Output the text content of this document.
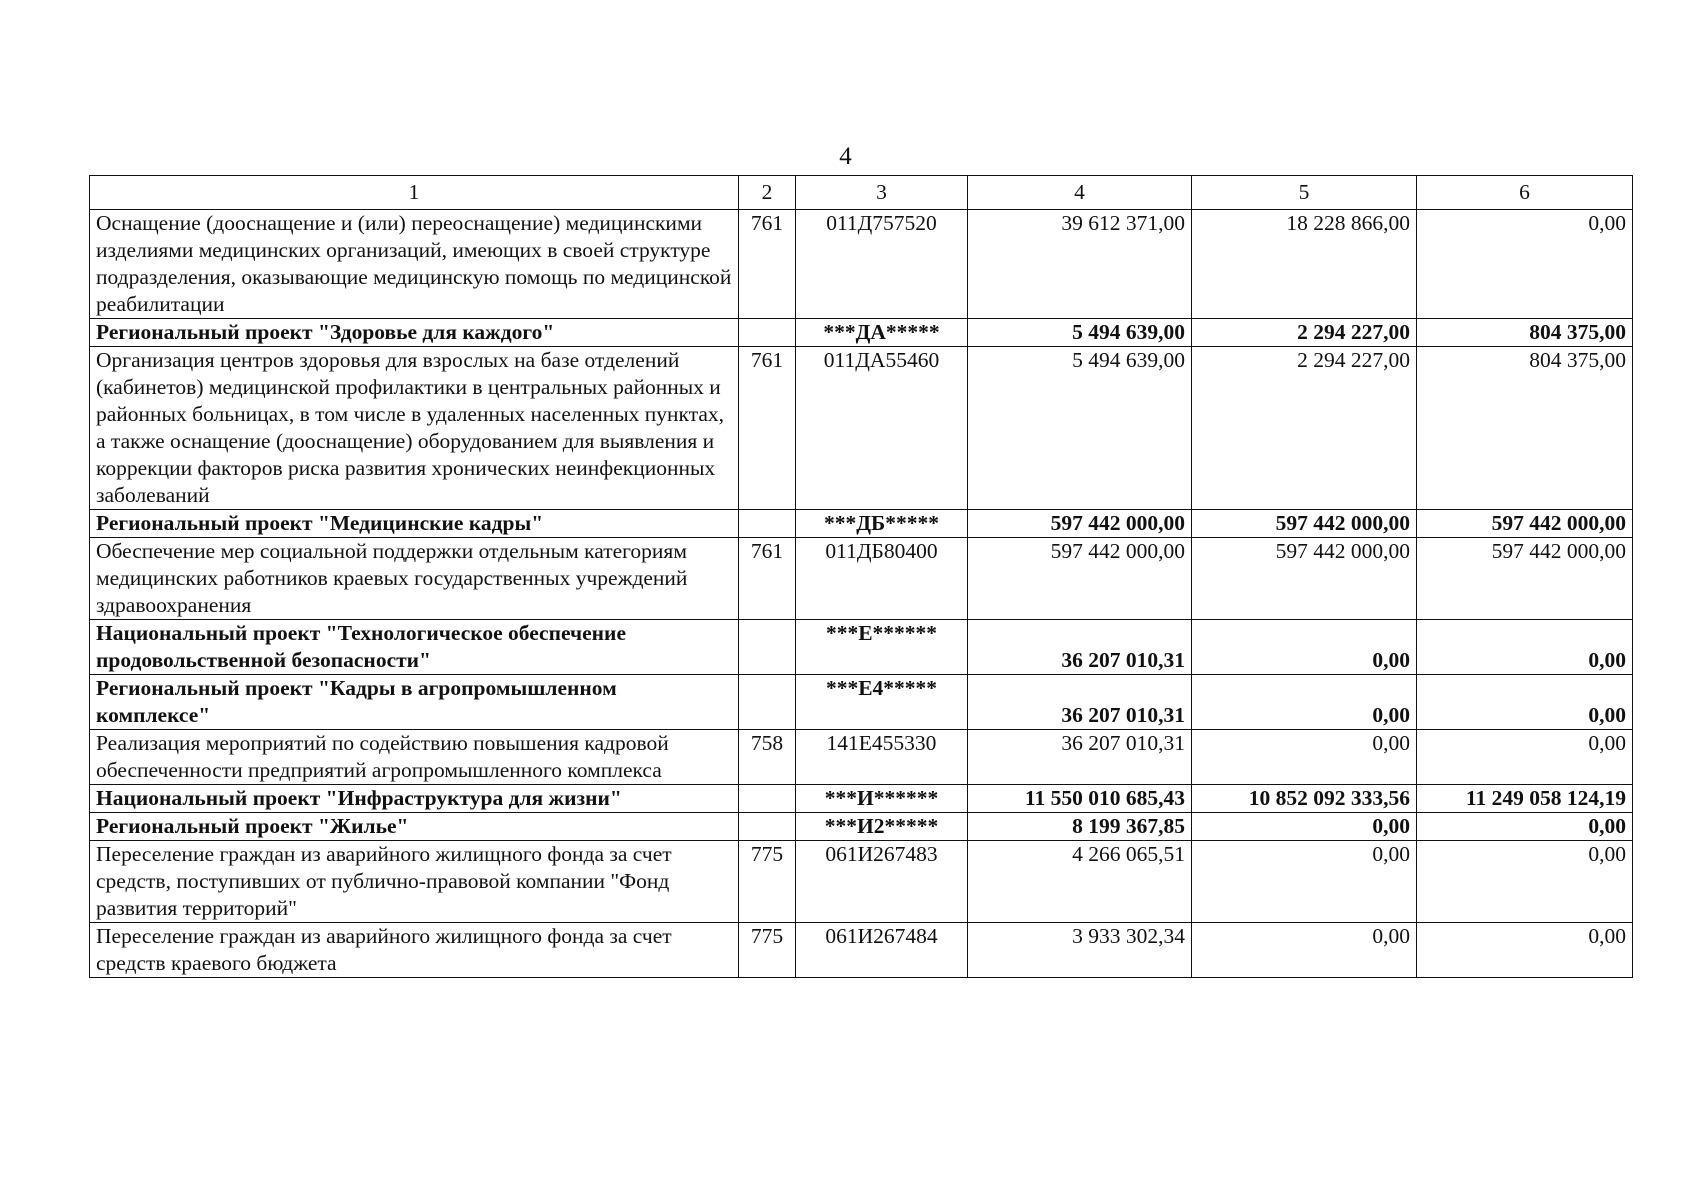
4
1	2	3	4	5	6
Оснащение (дооснащение и (или) переоснащение) медицинскими изделиями медицинских организаций, имеющих в своей структуре подразделения, оказывающие медицинскую помощь по медицинской реабилитации	761	011Д757520	39 612 371,00	18 228 866,00	0,00
Региональный проект "Здоровье для каждого"		***ДА*****	5 494 639,00	2 294 227,00	804 375,00
Организация центров здоровья для взрослых на базе отделений (кабинетов) медицинской профилактики в центральных районных и районных больницах, в том числе в удаленных населенных пунктах, а также оснащение (дооснащение) оборудованием для выявления и коррекции факторов риска развития хронических неинфекционных заболеваний	761	011ДА55460	5 494 639,00	2 294 227,00	804 375,00
Региональный проект "Медицинские кадры"		***ДБ*****	597 442 000,00	597 442 000,00	597 442 000,00
Обеспечение мер социальной поддержки отдельным категориям медицинских работников краевых государственных учреждений здравоохранения	761	011ДБ80400	597 442 000,00	597 442 000,00	597 442 000,00
Национальный проект "Технологическое обеспечение продовольственной безопасности"		***Е******	36 207 010,31	0,00	0,00
Региональный проект "Кадры в агропромышленном комплексе"		***Е4*****	36 207 010,31	0,00	0,00
Реализация мероприятий по содействию повышения кадровой обеспеченности предприятий агропромышленного комплекса	758	141Е455330	36 207 010,31	0,00	0,00
Национальный проект "Инфраструктура для жизни"		***И******	11 550 010 685,43	10 852 092 333,56	11 249 058 124,19
Региональный проект "Жилье"		***И2*****	8 199 367,85	0,00	0,00
Переселение граждан из аварийного жилищного фонда за счет средств, поступивших от публично-правовой компании "Фонд развития территорий"	775	061И267483	4 266 065,51	0,00	0,00
Переселение граждан из аварийного жилищного фонда за счет средств краевого бюджета	775	061И267484	3 933 302,34	0,00	0,00
